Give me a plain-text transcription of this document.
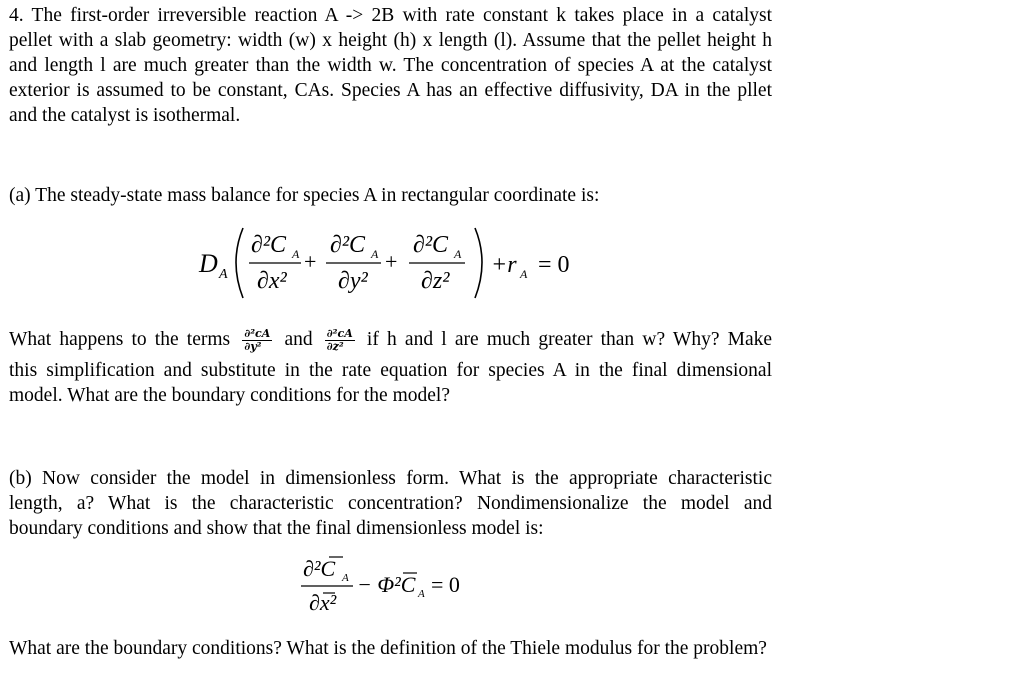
4. The first-order irreversible reaction A -> 2B with rate constant k takes place in a catalyst
pellet with a slab geometry: width (w) x height (h) x length (l). Assume that the pellet height h
and length l are much greater than the width w. The concentration of species A at the catalyst
exterior is assumed to be constant, CAs. Species A has an effective diffusivity, DA in the pllet
and the catalyst is isothermal.
(a) The steady-state mass balance for species A in rectangular coordinate is:
D A
∂²C A
∂x²
+
∂²C A
∂y²
+
∂²C A
∂z²
+r A = 0
What happens to the terms $\frac{\text{∂²cA}}{\text{∂y²}}$ and $\frac{\text{∂²cA}}{\text{∂z²}}$ if h and l are much greater than w? Why? Make
this simplification and substitute in the rate equation for species A in the final dimensional
model. What are the boundary conditions for the model?
(b) Now consider the model in dimensionless form. What is the appropriate characteristic
length, a? What is the characteristic concentration? Nondimensionalize the model and
boundary conditions and show that the final dimensionless model is:
∂²C A
∂x²
− Φ²C A = 0
What are the boundary conditions? What is the definition of the Thiele modulus for the problem?
